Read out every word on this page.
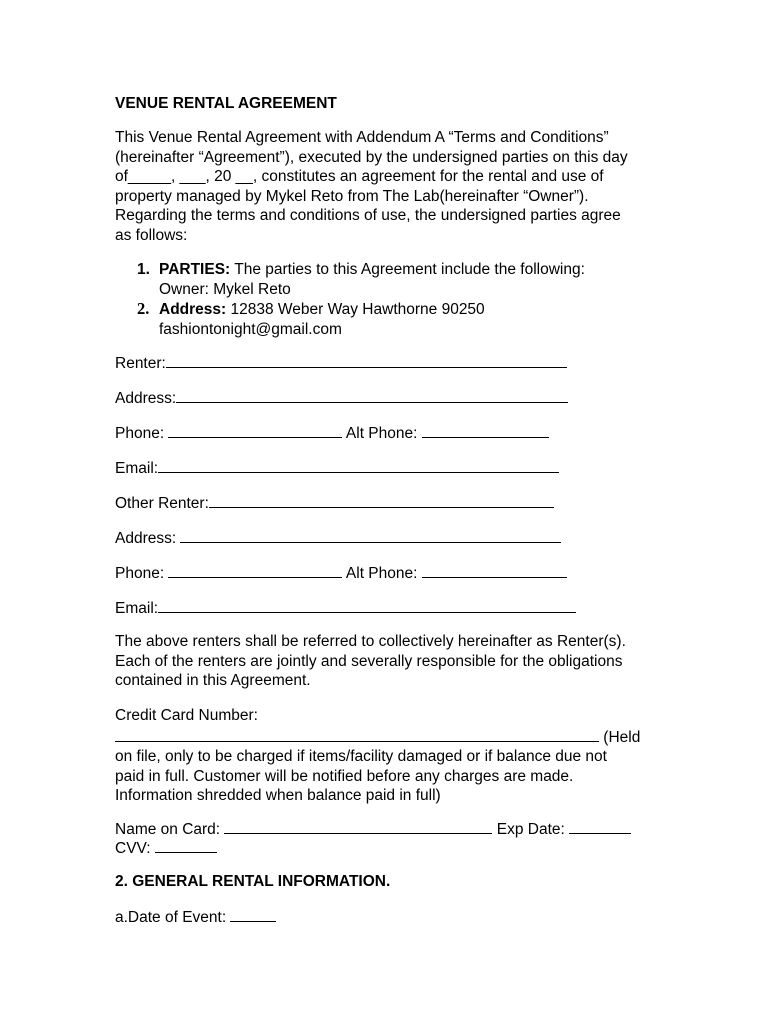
VENUE RENTAL AGREEMENT
This Venue Rental Agreement with Addendum A “Terms and Conditions”
(hereinafter “Agreement”), executed by the undersigned parties on this day
of_____, ___, 20 __, constitutes an agreement for the rental and use of
property managed by Mykel Reto from The Lab(hereinafter “Owner”).
Regarding the terms and conditions of use, the undersigned parties agree
as follows:
1. PARTIES: The parties to this Agreement include the following:
Owner: Mykel Reto
2. Address: 12838 Weber Way Hawthorne 90250
fashiontonight@gmail.com
Renter:
Address:
Phone:	Alt Phone:
Email:
Other Renter:
Address:
Phone:	Alt Phone:
Email:
The above renters shall be referred to collectively hereinafter as Renter(s).
Each of the renters are jointly and severally responsible for the obligations
contained in this Agreement.
Credit Card Number:
(Held
on file, only to be charged if items/facility damaged or if balance due not
paid in full. Customer will be notified before any charges are made.
Information shredded when balance paid in full)
Name on Card:	Exp Date:
CVV:
2. GENERAL RENTAL INFORMATION.
a.Date of Event:
